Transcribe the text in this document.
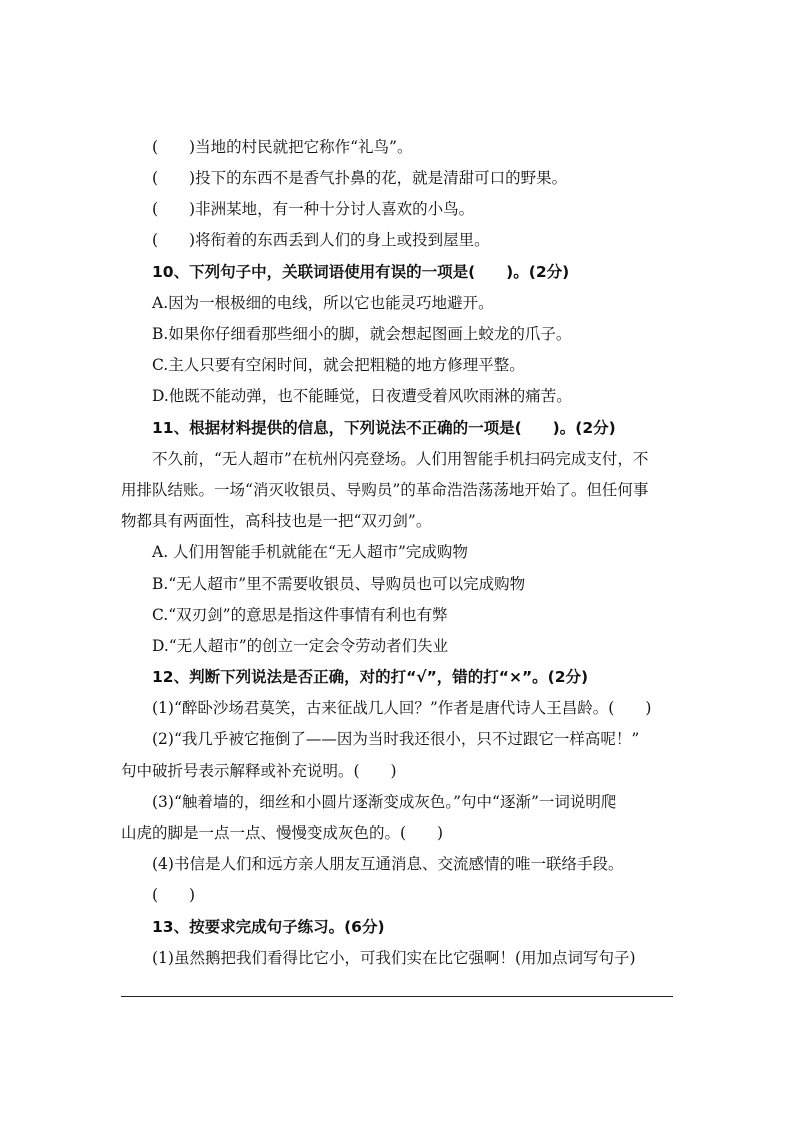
(　　)当地的村民就把它称作“礼鸟”。
(　　)投下的东西不是香气扑鼻的花，就是清甜可口的野果。
(　　)非洲某地，有一种十分讨人喜欢的小鸟。
(　　)将衔着的东西丢到人们的身上或投到屋里。
10、下列句子中，关联词语使用有误的一项是(　　)。(2分)
A.因为一根极细的电线，所以它也能灵巧地避开。
B.如果你仔细看那些细小的脚，就会想起图画上蛟龙的爪子。
C.主人只要有空闲时间，就会把粗糙的地方修理平整。
D.他既不能动弹，也不能睡觉，日夜遭受着风吹雨淋的痛苦。
11、根据材料提供的信息，下列说法不正确的一项是(　　)。(2分)
不久前，“无人超市”在杭州闪亮登场。人们用智能手机扫码完成支付，不
用排队结账。一场“消灭收银员、导购员”的革命浩浩荡荡地开始了。但任何事
物都具有两面性，高科技也是一把“双刃剑”。
A. 人们用智能手机就能在“无人超市”完成购物
B.“无人超市”里不需要收银员、导购员也可以完成购物
C.“双刃剑”的意思是指这件事情有利也有弊
D.“无人超市”的创立一定会令劳动者们失业
12、判断下列说法是否正确，对的打“√”，错的打“×”。(2分)
(1)“醉卧沙场君莫笑，古来征战几人回？”作者是唐代诗人王昌龄。(　　)
(2)“我几乎被它拖倒了——因为当时我还很小，只不过跟它一样高呢！”
句中破折号表示解释或补充说明。(　　)
(3)“触着墙的，细丝和小圆片逐渐变成灰色。”句中“逐渐”一词说明爬
山虎的脚是一点一点、慢慢变成灰色的。(　　)
(4)书信是人们和远方亲人朋友互通消息、交流感情的唯一联络手段。
(　　)
13、按要求完成句子练习。(6分)
(1)虽然鹅把我们看得比它小，可我们实在比它强啊！(用加点词写句子)
